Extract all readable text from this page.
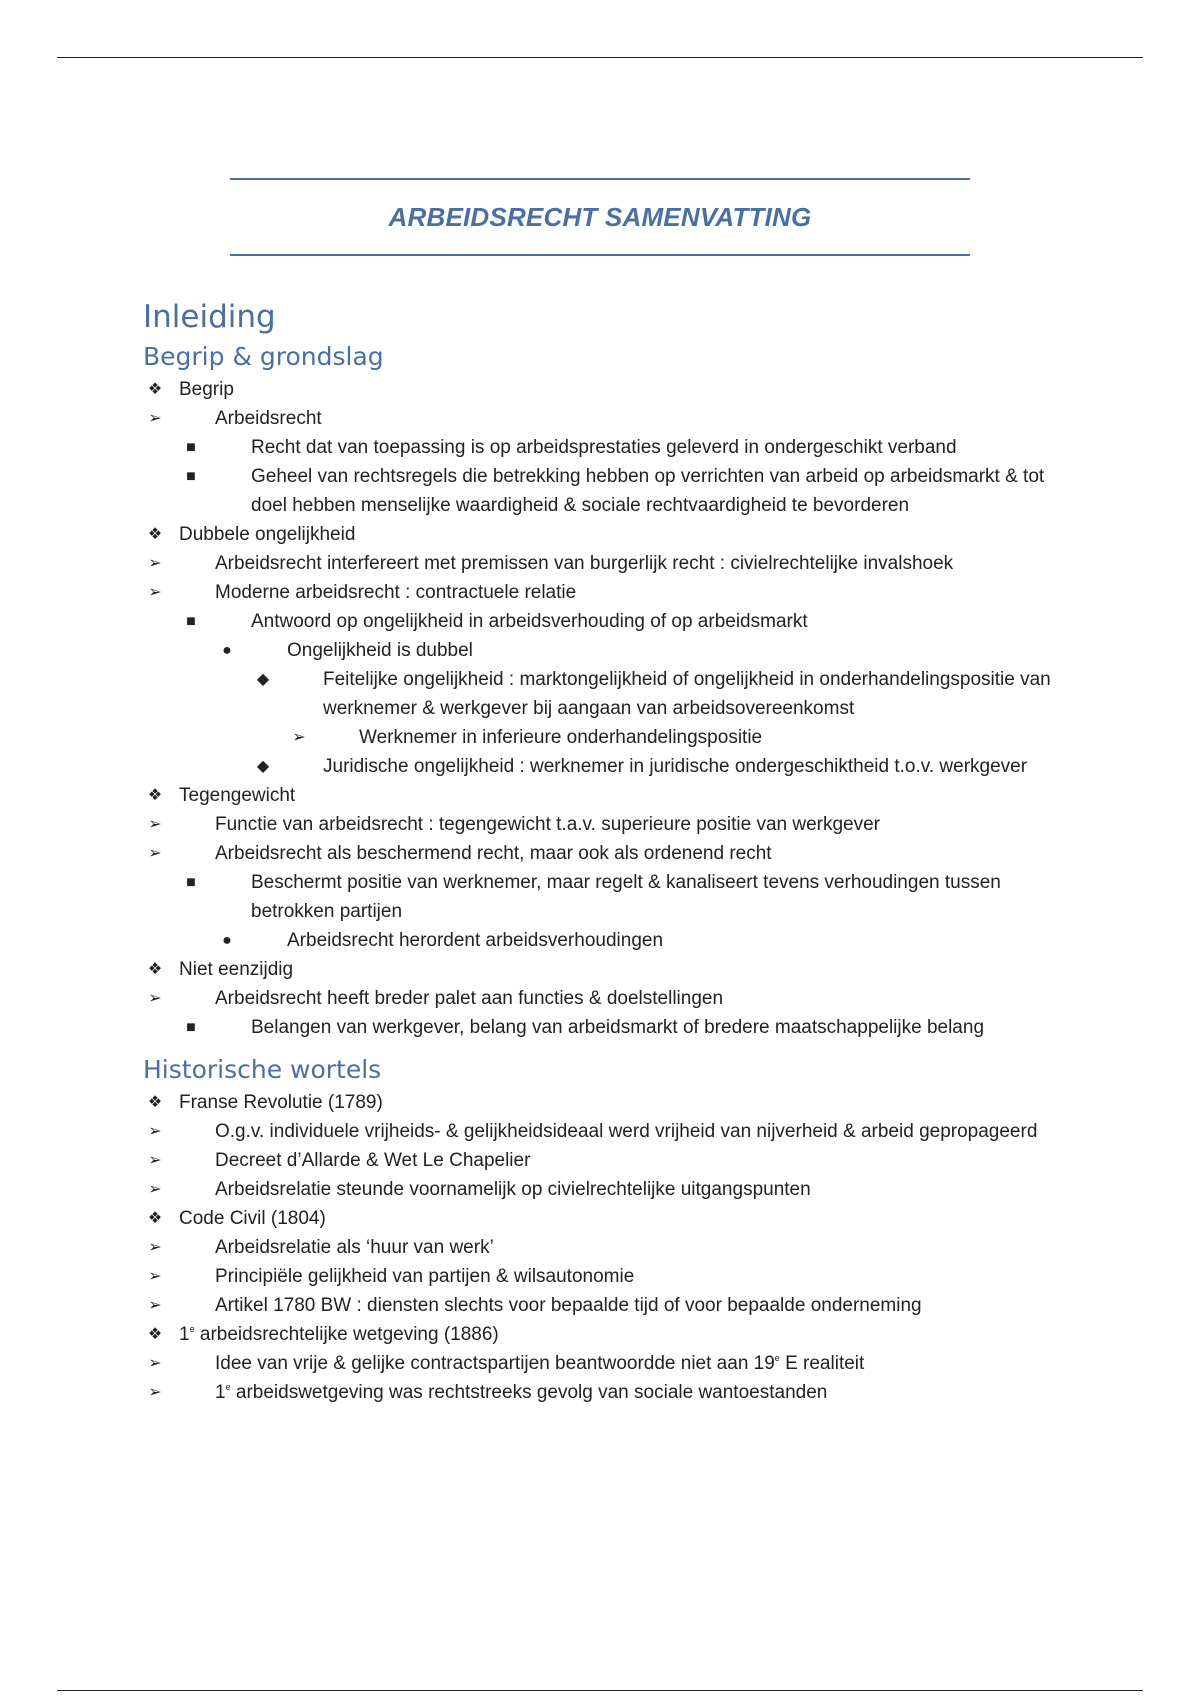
ARBEIDSRECHT SAMENVATTING
Inleiding
Begrip & grondslag
❖ Begrip
➢	Arbeidsrecht
■	Recht dat van toepassing is op arbeidsprestaties geleverd in ondergeschikt verband
■	Geheel van rechtsregels die betrekking hebben op verrichten van arbeid op arbeidsmarkt & tot doel hebben menselijke waardigheid & sociale rechtvaardigheid te bevorderen
❖ Dubbele ongelijkheid
➢	Arbeidsrecht interfereert met premissen van burgerlijk recht : civielrechtelijke invalshoek
➢	Moderne arbeidsrecht : contractuele relatie
■	Antwoord op ongelijkheid in arbeidsverhouding of op arbeidsmarkt
●	Ongelijkheid is dubbel
◆	Feitelijke ongelijkheid : marktongelijkheid of ongelijkheid in onderhandelingspositie van werknemer & werkgever bij aangaan van arbeidsovereenkomst
➢	Werknemer in inferieure onderhandelingspositie
◆	Juridische ongelijkheid : werknemer in juridische ondergeschiktheid t.o.v. werkgever
❖ Tegengewicht
➢	Functie van arbeidsrecht : tegengewicht t.a.v. superieure positie van werkgever
➢	Arbeidsrecht als beschermend recht, maar ook als ordenend recht
■	Beschermt positie van werknemer, maar regelt & kanaliseert tevens verhoudingen tussen betrokken partijen
●	Arbeidsrecht herordent arbeidsverhoudingen
❖ Niet eenzijdig
➢	Arbeidsrecht heeft breder palet aan functies & doelstellingen
■	Belangen van werkgever, belang van arbeidsmarkt of bredere maatschappelijke belang
Historische wortels
❖ Franse Revolutie (1789)
➢	O.g.v. individuele vrijheids- & gelijkheidsideaal werd vrijheid van nijverheid & arbeid gepropageerd
➢	Decreet d’Allarde & Wet Le Chapelier
➢	Arbeidsrelatie steunde voornamelijk op civielrechtelijke uitgangspunten
❖ Code Civil (1804)
➢	Arbeidsrelatie als ‘huur van werk’
➢	Principiële gelijkheid van partijen & wilsautonomie
➢	Artikel 1780 BW : diensten slechts voor bepaalde tijd of voor bepaalde onderneming
❖ 1e arbeidsrechtelijke wetgeving (1886)
➢	Idee van vrije & gelijke contractspartijen beantwoordde niet aan 19e E realiteit
➢	1e arbeidswetgeving was rechtstreeks gevolg van sociale wantoestanden
